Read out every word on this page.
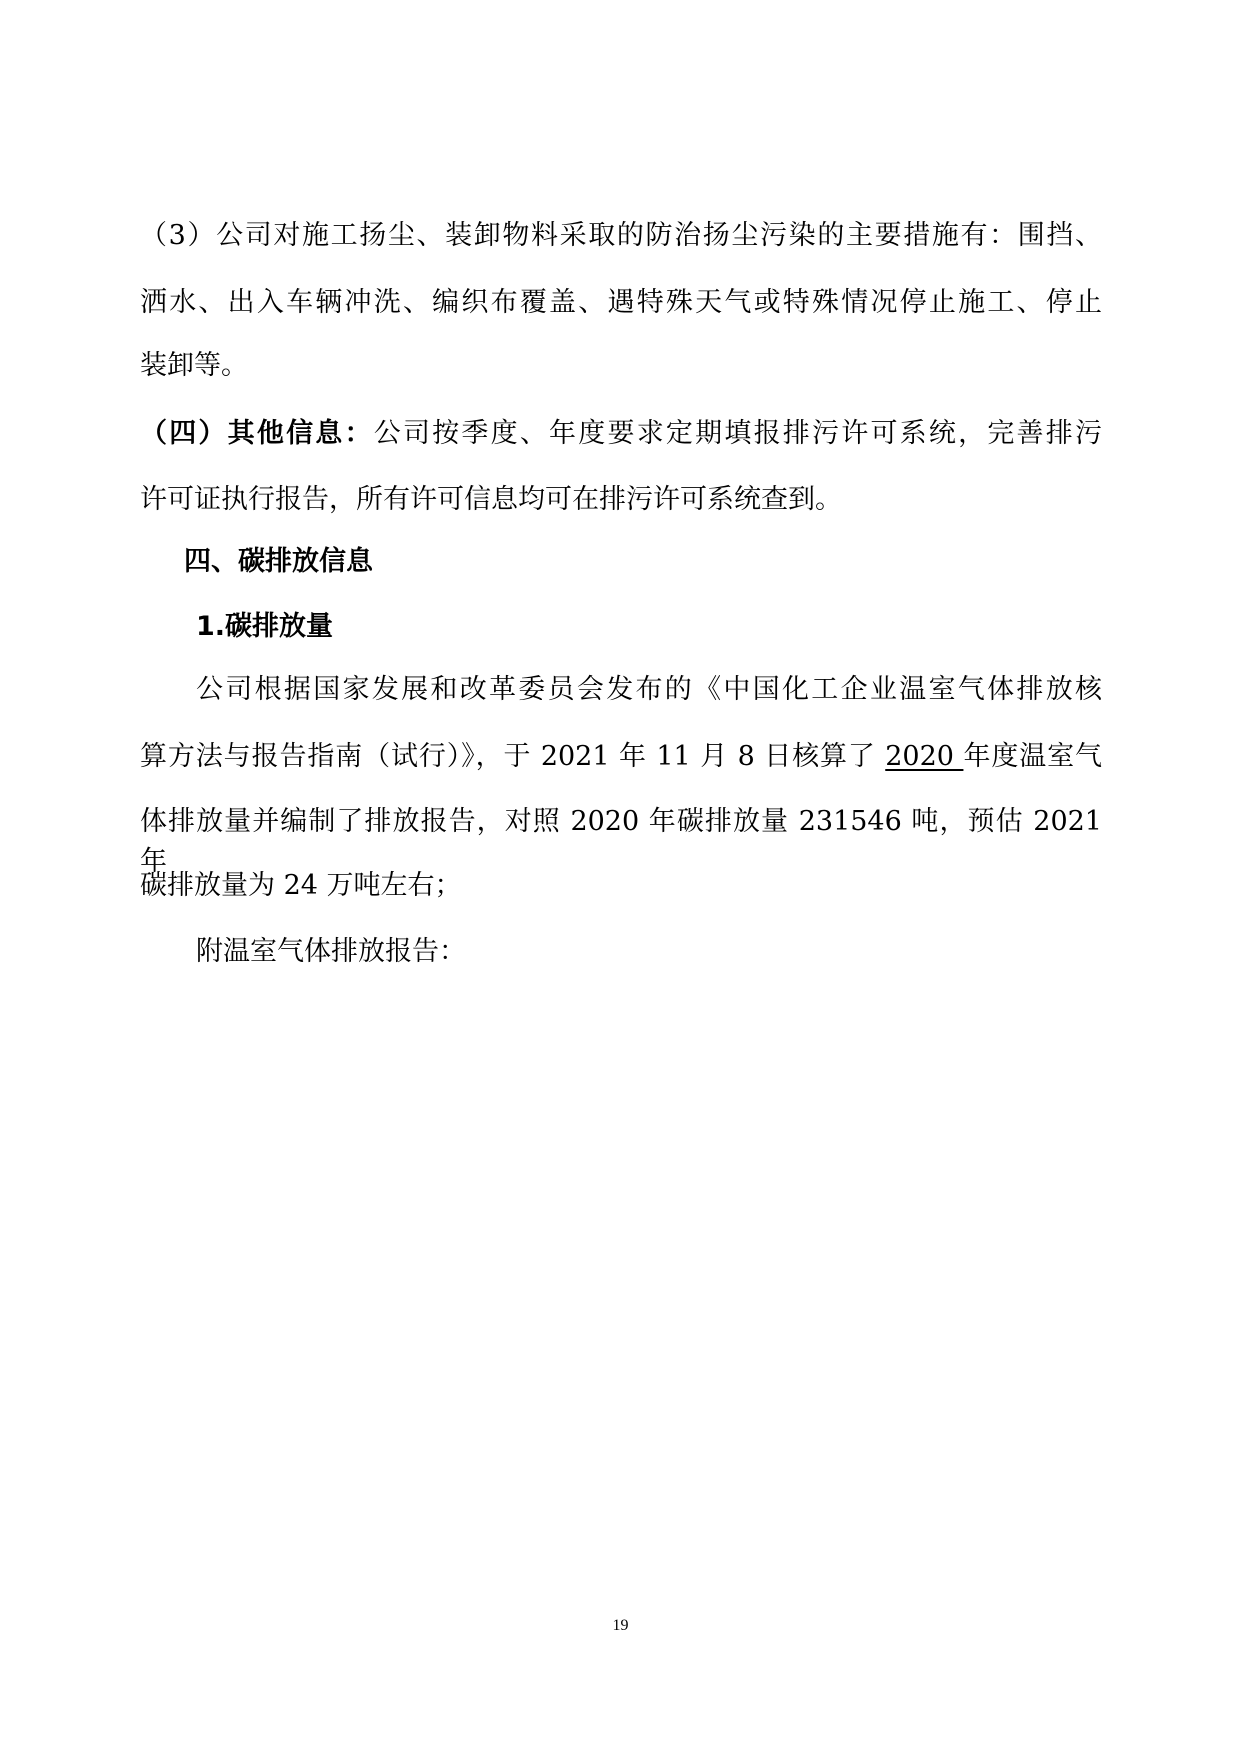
（3）公司对施工扬尘、装卸物料采取的防治扬尘污染的主要措施有：围挡、
洒水、出入车辆冲洗、编织布覆盖、遇特殊天气或特殊情况停止施工、停止
装卸等。
（四）其他信息：公司按季度、年度要求定期填报排污许可系统，完善排污
许可证执行报告，所有许可信息均可在排污许可系统查到。
四、碳排放信息
1.碳排放量
公司根据国家发展和改革委员会发布的《中国化工企业温室气体排放核
算方法与报告指南（试行）》，于 2021 年 11 月 8 日核算了 2020 年度温室气
体排放量并编制了排放报告，对照 2020 年碳排放量 231546 吨，预估 2021 年
碳排放量为 24 万吨左右；
附温室气体排放报告：
19
